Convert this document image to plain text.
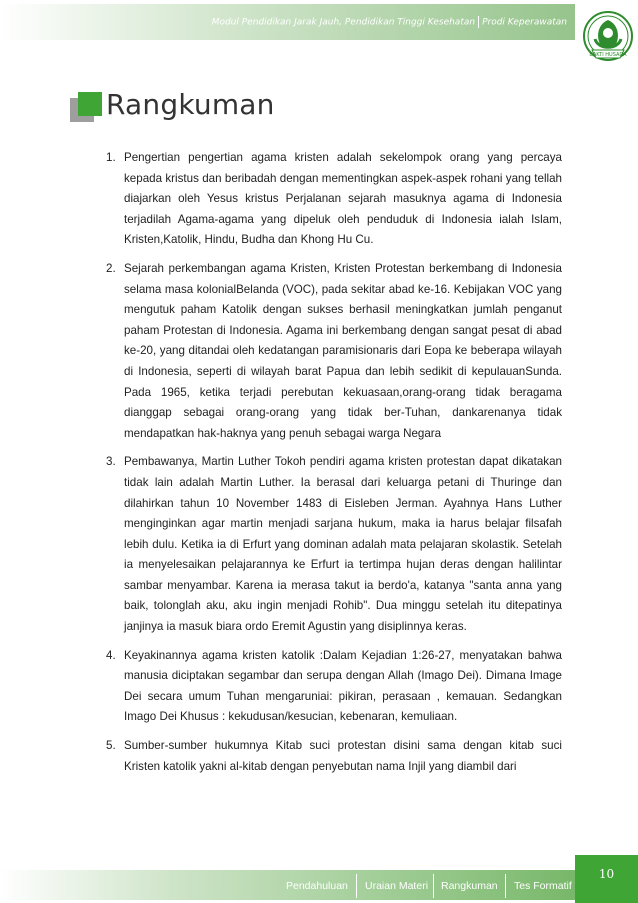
Modul Pendidikan Jarak Jauh, Pendidikan Tinggi Kesehatan Prodi Keperawatan
BAKTI HUSADA
Rangkuman
1. Pengertian pengertian agama kristen adalah sekelompok orang yang percaya kepada kristus dan beribadah dengan mementingkan aspek-aspek rohani yang tellah diajarkan oleh Yesus kristus Perjalanan sejarah masuknya agama di Indonesia terjadilah Agama-agama yang dipeluk oleh penduduk di Indonesia ialah Islam, Kristen,Katolik, Hindu, Budha dan Khong Hu Cu.
2. Sejarah perkembangan agama Kristen, Kristen Protestan berkembang di Indonesia selama masa kolonialBelanda (VOC), pada sekitar abad ke-16. Kebijakan VOC yang mengutuk paham Katolik dengan sukses berhasil meningkatkan jumlah penganut paham Protestan di Indonesia. Agama ini berkembang dengan sangat pesat di abad ke-20, yang ditandai oleh kedatangan paramisionaris dari Eopa ke beberapa wilayah di Indonesia, seperti di wilayah barat Papua dan lebih sedikit di kepulauanSunda. Pada 1965, ketika terjadi perebutan kekuasaan,orang-orang tidak beragama dianggap sebagai orang-orang yang tidak ber-Tuhan, dankarenanya tidak mendapatkan hak-haknya yang penuh sebagai warga Negara
3. Pembawanya, Martin Luther Tokoh pendiri agama kristen protestan dapat dikatakan tidak lain adalah Martin Luther. Ia berasal dari keluarga petani di Thuringe dan dilahirkan tahun 10 November 1483 di Eisleben Jerman. Ayahnya Hans Luther menginginkan agar martin menjadi sarjana hukum, maka ia harus belajar filsafah lebih dulu. Ketika ia di Erfurt yang dominan adalah mata pelajaran skolastik. Setelah ia menyelesaikan pelajarannya ke Erfurt ia tertimpa hujan deras dengan halilintar sambar menyambar. Karena ia merasa takut ia berdo'a, katanya "santa anna yang baik, tolonglah aku, aku ingin menjadi Rohib". Dua minggu setelah itu ditepatinya janjinya ia masuk biara ordo Eremit Agustin yang disiplinnya keras.
4. Keyakinannya agama kristen katolik :Dalam Kejadian 1:26-27, menyatakan bahwa manusia diciptakan segambar dan serupa dengan Allah (Imago Dei). Dimana Image Dei secara umum Tuhan mengaruniai: pikiran, perasaan , kemauan. Sedangkan Imago Dei Khusus : kekudusan/kesucian, kebenaran, kemuliaan.
5. Sumber-sumber hukumnya Kitab suci protestan disini sama dengan kitab suci Kristen katolik yakni al-kitab dengan penyebutan nama Injil yang diambil dari
Pendahuluan Uraian Materi Rangkuman Tes Formatif
10
